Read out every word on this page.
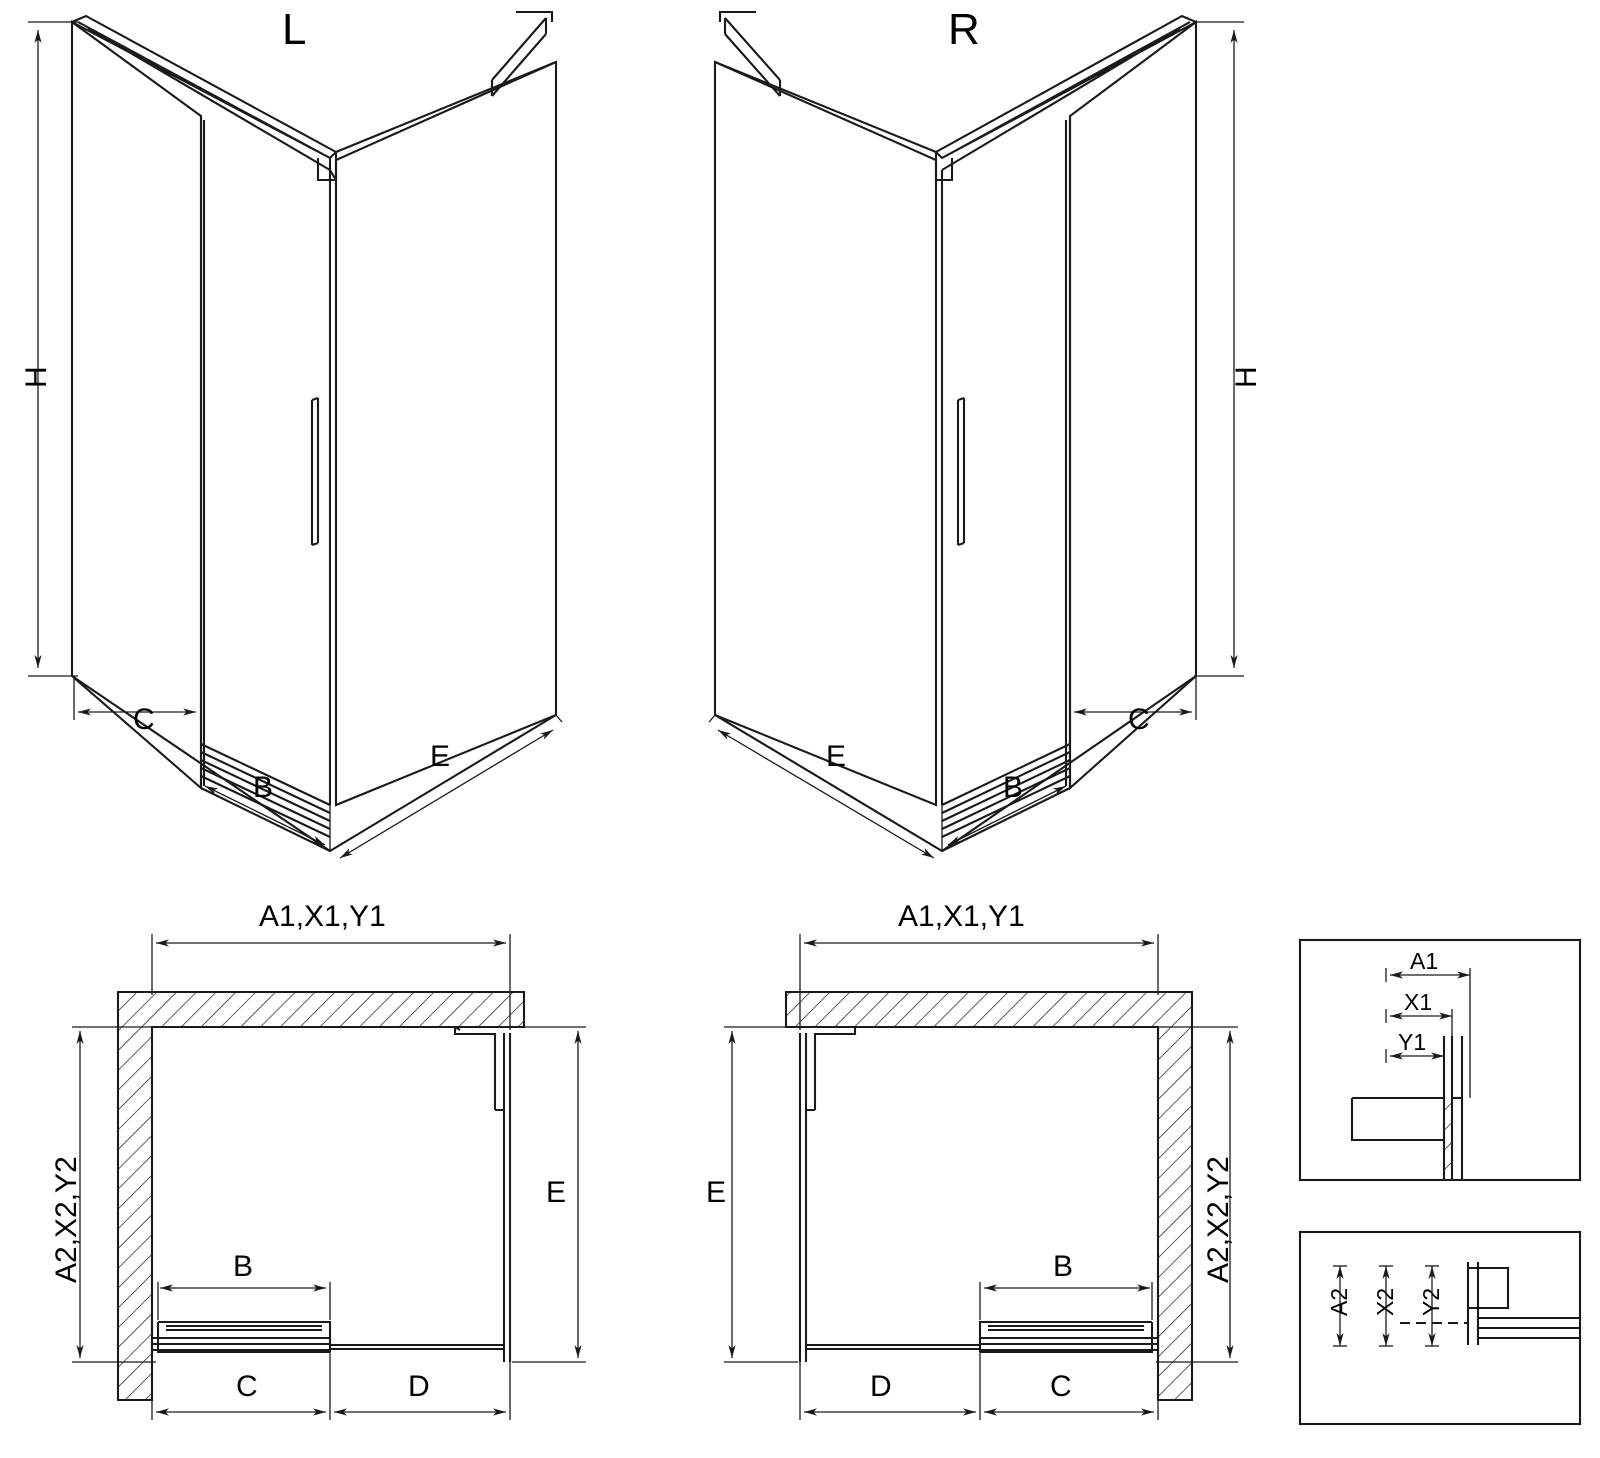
L
H
C
B
E
R
H
C
B
E
A1,X1,Y1
A2,X2,Y2	E
B
C	D
A1,X1,Y1
A2,X2,Y2
E
B
D	C
A1
X1
Y1
A2 X2 Y2
